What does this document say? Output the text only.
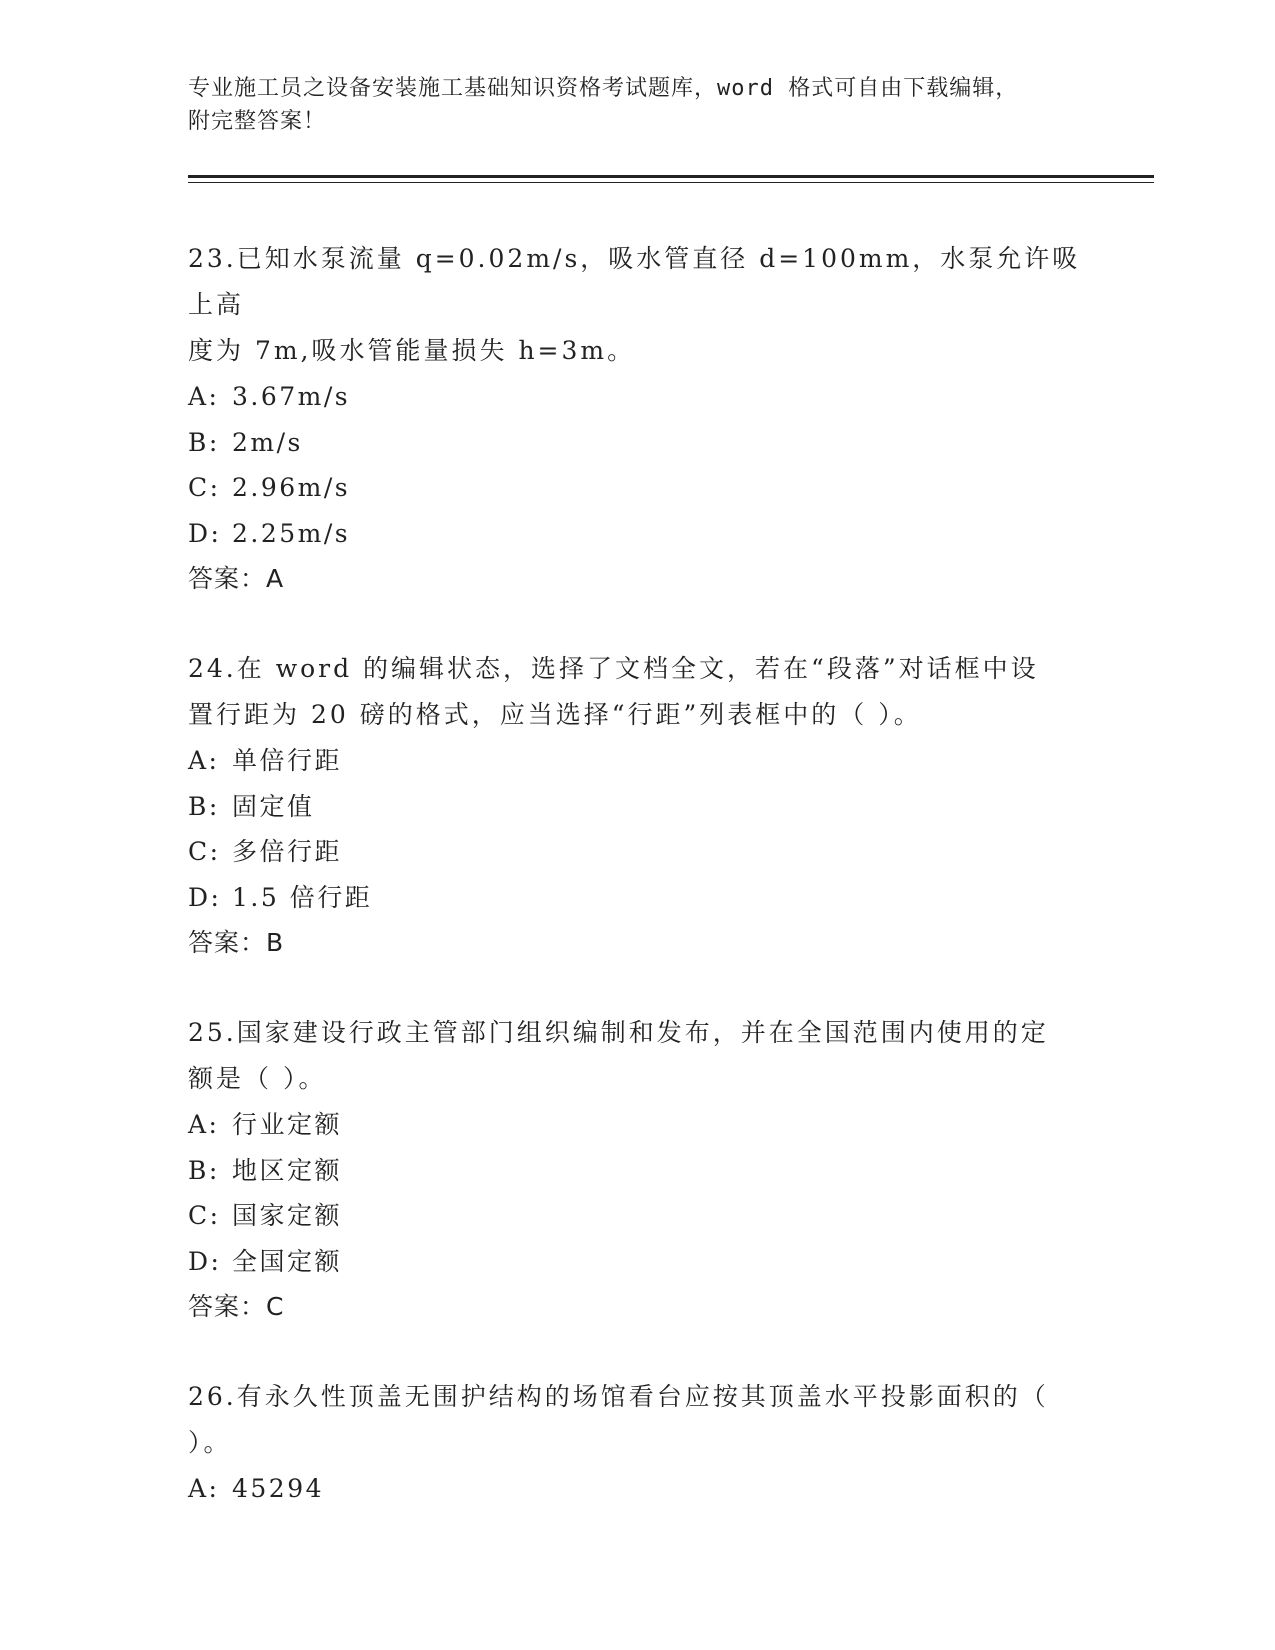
专业施工员之设备安装施工基础知识资格考试题库，word 格式可自由下载编辑，
附完整答案！

23.已知水泵流量 q=0.02m/s，吸水管直径 d=100mm，水泵允许吸上高
度为 7m,吸水管能量损失 h=3m。

A: 3.67m/s

B: 2m/s

C: 2.96m/s

D: 2.25m/s

答案：A

24.在 word 的编辑状态，选择了文档全文，若在“段落”对话框中设
置行距为 20 磅的格式，应当选择“行距”列表框中的（ ）。

A: 单倍行距

B: 固定值

C: 多倍行距

D: 1.5 倍行距

答案：B

25.国家建设行政主管部门组织编制和发布，并在全国范围内使用的定
额是（ ）。

A: 行业定额

B: 地区定额

C: 国家定额

D: 全国定额

答案：C

26.有永久性顶盖无围护结构的场馆看台应按其顶盖水平投影面积的（
）。

A: 45294
